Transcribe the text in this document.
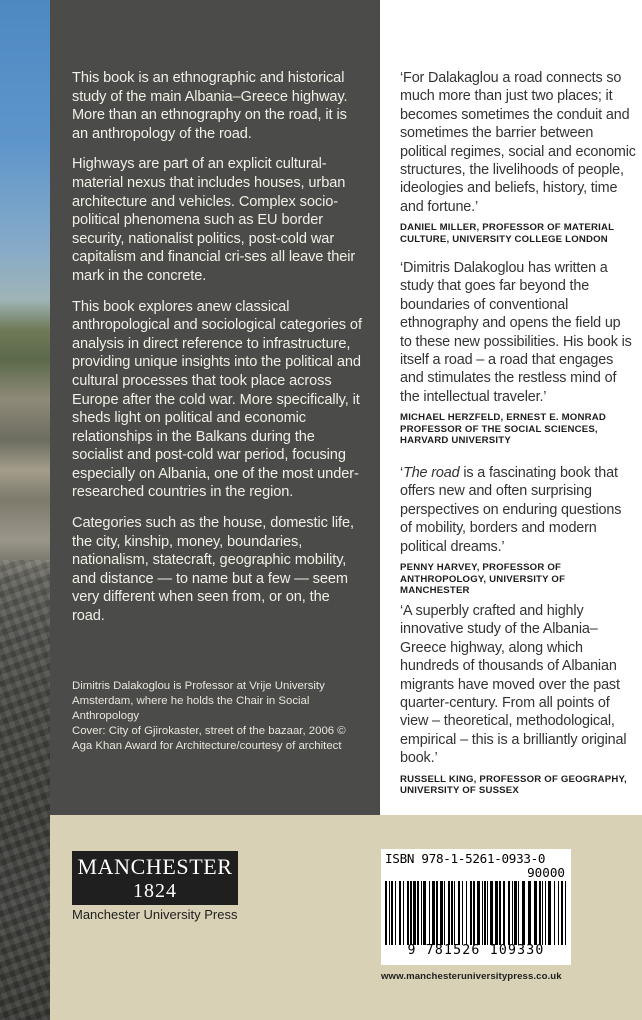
This book is an ethnographic and historical study of the main Albania–Greece highway. More than an ethnography on the road, it is an anthropology of the road.

Highways are part of an explicit cultural-material nexus that includes houses, urban architecture and vehicles. Complex socio-political phenomena such as EU border security, nationalist politics, post-cold war capitalism and financial cri-ses all leave their mark in the concrete.

This book explores anew classical anthropological and sociological categories of analysis in direct reference to infrastructure, providing unique insights into the political and cultural processes that took place across Europe after the cold war. More specifically, it sheds light on political and economic relationships in the Balkans during the socialist and post-cold war period, focusing especially on Albania, one of the most under-researched countries in the region.

Categories such as the house, domestic life, the city, kinship, money, boundaries, nationalism, statecraft, geographic mobility, and distance — to name but a few — seem very different when seen from, or on, the road.

Dimitris Dalakoglou is Professor at Vrije University Amsterdam, where he holds the Chair in Social Anthropology
Cover: City of Gjirokaster, street of the bazaar, 2006 © Aga Khan Award for Architecture/courtesy of architect
‘For Dalakaglou a road connects so much more than just two places; it becomes sometimes the conduit and sometimes the barrier between political regimes, social and economic structures, the livelihoods of people, ideologies and beliefs, history, time and fortune.’
DANIEL MILLER, PROFESSOR OF MATERIAL CULTURE, UNIVERSITY COLLEGE LONDON
‘Dimitris Dalakoglou has written a study that goes far beyond the boundaries of conventional ethnography and opens the field up to these new possibilities. His book is itself a road – a road that engages and stimulates the restless mind of the intellectual traveler.’
MICHAEL HERZFELD, ERNEST E. MONRAD PROFESSOR OF THE SOCIAL SCIENCES, HARVARD UNIVERSITY
‘The road is a fascinating book that offers new and often surprising perspectives on enduring questions of mobility, borders and modern political dreams.’
PENNY HARVEY, PROFESSOR OF ANTHROPOLOGY, UNIVERSITY OF MANCHESTER
‘A superbly crafted and highly innovative study of the Albania–Greece highway, along which hundreds of thousands of Albanian migrants have moved over the past quarter-century. From all points of view – theoretical, methodological, empirical – this is a brilliantly original book.’
RUSSELL KING, PROFESSOR OF GEOGRAPHY, UNIVERSITY OF SUSSEX
MANCHESTER
1824
Manchester University Press
ISBN 978-1-5261-0933-0
90000
9 781526 109330
www.manchesteruniversitypress.co.uk
